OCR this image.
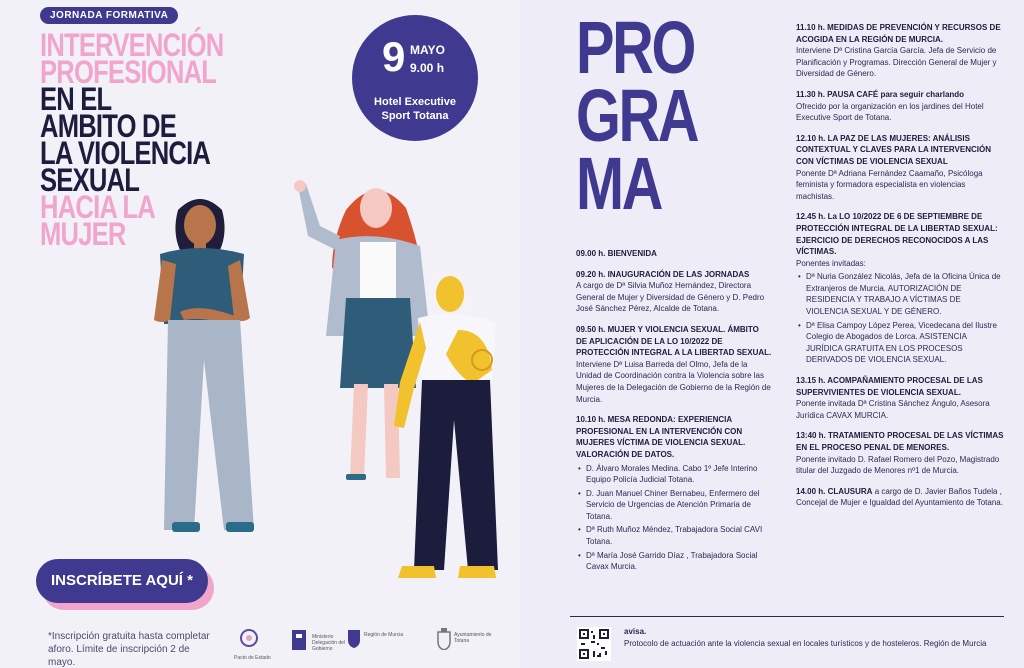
JORNADA FORMATIVA
INTERVENCIÓN
PROFESIONAL
EN EL
AMBITO DE
LA VIOLENCIA
SEXUAL
HACIA LA
MUJER
9 MAYO
9.00 h
Hotel Executive
Sport Totana
INSCRÍBETE AQUÍ *
*Inscripción gratuita hasta completar aforo. Límite de inscripción 2 de mayo.	Pacto de Estado
Ministerio Delegación del Gobierno
Región de Murcia	Ayuntamiento de Totana
PRO
GRA
MA
09.00 h. BIENVENIDA
09.20 h. INAUGURACIÓN DE LAS JORNADAS
A cargo de Dª Silvia Muñoz Hernández, Directora General de Mujer y Diversidad de Género y D. Pedro José Sánchez Pérez, Alcalde de Totana.
09.50 h. MUJER Y VIOLENCIA SEXUAL. ÁMBITO DE APLICACIÓN DE LA LO 10/2022 DE PROTECCIÓN INTEGRAL A LA LIBERTAD SEXUAL.
Interviene Dª Luisa Barreda del Olmo, Jefa de la Unidad de Coordinación contra la Violencia sobre las Mujeres de la Delegación de Gobierno de la Región de Murcia.
10.10 h. MESA REDONDA: EXPERIENCIA PROFESIONAL EN LA INTERVENCIÓN CON MUJERES VÍCTIMA DE VIOLENCIA SEXUAL. VALORACIÓN DE DATOS.
• D. Álvaro Morales Medina. Cabo 1º Jefe Interino Equipo Policía Judicial Totana.
• D. Juan Manuel Chiner Bernabeu, Enfermero del Servicio de Urgencias de Atención Primaria de Totana.
• Dª Ruth Muñoz Méndez, Trabajadora Social CAVI Totana.
• Dª María José Garrido Díaz , Trabajadora Social Cavax Murcia.
11.10 h. MEDIDAS DE PREVENCIÓN Y RECURSOS DE ACOGIDA EN LA REGIÓN DE MURCIA.
Interviene Dª Cristina García García. Jefa de Servicio de Planificación y Programas. Dirección General de Mujer y Diversidad de Género.
11.30 h. PAUSA CAFÉ para seguir charlando
Ofrecido por la organización en los jardines del Hotel Executive Sport de Totana.
12.10 h. LA PAZ DE LAS MUJERES: ANÁLISIS CONTEXTUAL Y CLAVES PARA LA INTERVENCIÓN CON VÍCTIMAS DE VIOLENCIA SEXUAL
Ponente Dª Adriana Fernández Caamaño, Psicóloga feminista y formadora especialista en violencias machistas.
12.45 h. La LO 10/2022 DE 6 DE SEPTIEMBRE DE PROTECCIÓN INTEGRAL DE LA LIBERTAD SEXUAL: EJERCICIO DE DERECHOS RECONOCIDOS A LAS VÍCTIMAS.
Ponentes invitadas:
• Dª Nuria González Nicolás, Jefa de la Oficina Única de Extranjeros de Murcia. AUTORIZACIÓN DE RESIDENCIA Y TRABAJO A VÍCTIMAS DE VIOLENCIA SEXUAL Y DE GÉNERO.
• Dª Elisa Campoy López Perea, Vicedecana del Ilustre Colegio de Abogados de Lorca. ASISTENCIA JURÍDICA GRATUITA EN LOS PROCESOS DERIVADOS DE VIOLENCIA SEXUAL.
13.15 h. ACOMPAÑAMIENTO PROCESAL DE LAS SUPERVIVIENTES DE VIOLENCIA SEXUAL.
Ponente invitada Dª Cristina Sánchez Ángulo, Asesora Jurídica CAVAX MURCIA.
13:40 h. TRATAMIENTO PROCESAL DE LAS VÍCTIMAS EN EL PROCESO PENAL DE MENORES.
Ponente invitado D. Rafael Romero del Pozo, Magistrado titular del Juzgado de Menores nº1 de Murcia.
14.00 h. CLAUSURA a cargo de D. Javier Baños Tudela , Concejal de Mujer e Igualdad del Ayuntamiento de Totana.
avisa.
Protocolo de actuación ante la violencia sexual en locales turísticos y de hosteleros. Región de Murcia
